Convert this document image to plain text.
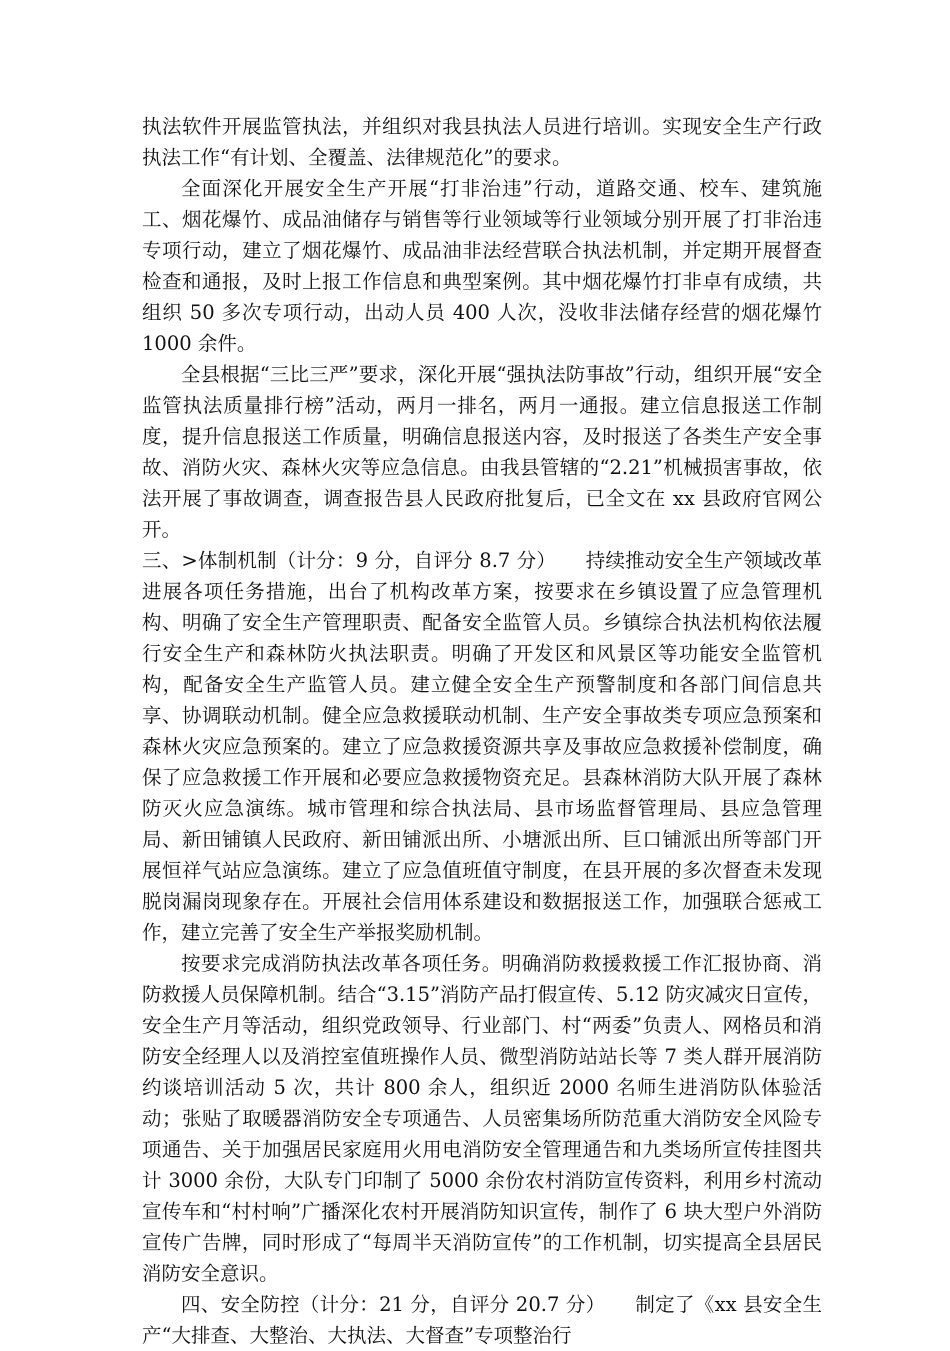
执法软件开展监管执法，并组织对我县执法人员进行培训。实现安全生产行政执法工作“有计划、全覆盖、法律规范化”的要求。

全面深化开展安全生产开展“打非治违”行动，道路交通、校车、建筑施工、烟花爆竹、成品油储存与销售等行业领域等行业领域分别开展了打非治违专项行动，建立了烟花爆竹、成品油非法经营联合执法机制，并定期开展督查检查和通报，及时上报工作信息和典型案例。其中烟花爆竹打非卓有成绩，共组织 50 多次专项行动，出动人员 400 人次，没收非法储存经营的烟花爆竹 1000 余件。

全县根据“三比三严”要求，深化开展“强执法防事故”行动，组织开展“安全监管执法质量排行榜”活动，两月一排名，两月一通报。建立信息报送工作制度，提升信息报送工作质量，明确信息报送内容，及时报送了各类生产安全事故、消防火灾、森林火灾等应急信息。由我县管辖的“2.21”机械损害事故，依法开展了事故调查，调查报告县人民政府批复后，已全文在 xx 县政府官网公开。

三、>体制机制（计分：9 分，自评分 8.7 分）　　持续推动安全生产领域改革进展各项任务措施，出台了机构改革方案，按要求在乡镇设置了应急管理机构、明确了安全生产管理职责、配备安全监管人员。乡镇综合执法机构依法履行安全生产和森林防火执法职责。明确了开发区和风景区等功能安全监管机构，配备安全生产监管人员。建立健全安全生产预警制度和各部门间信息共享、协调联动机制。健全应急救援联动机制、生产安全事故类专项应急预案和森林火灾应急预案的。建立了应急救援资源共享及事故应急救援补偿制度，确保了应急救援工作开展和必要应急救援物资充足。县森林消防大队开展了森林防灭火应急演练。城市管理和综合执法局、县市场监督管理局、县应急管理局、新田铺镇人民政府、新田铺派出所、小塘派出所、巨口铺派出所等部门开展恒祥气站应急演练。建立了应急值班值守制度，在县开展的多次督查未发现脱岗漏岗现象存在。开展社会信用体系建设和数据报送工作，加强联合惩戒工作，建立完善了安全生产举报奖励机制。

按要求完成消防执法改革各项任务。明确消防救援救援工作汇报协商、消防救援人员保障机制。结合“3.15”消防产品打假宣传、5.12 防灾减灾日宣传，安全生产月等活动，组织党政领导、行业部门、村“两委”负责人、网格员和消防安全经理人以及消控室值班操作人员、微型消防站站长等 7 类人群开展消防约谈培训活动 5 次，共计 800 余人，组织近 2000 名师生进消防队体验活动；张贴了取暖器消防安全专项通告、人员密集场所防范重大消防安全风险专项通告、关于加强居民家庭用火用电消防安全管理通告和九类场所宣传挂图共计 3000 余份，大队专门印制了 5000 余份农村消防宣传资料，利用乡村流动宣传车和“村村响”广播深化农村开展消防知识宣传，制作了 6 块大型户外消防宣传广告牌，同时形成了“每周半天消防宣传”的工作机制，切实提高全县居民消防安全意识。

四、安全防控（计分：21 分，自评分 20.7 分）　　制定了《xx 县安全生产“大排查、大整治、大执法、大督查”专项整治行
